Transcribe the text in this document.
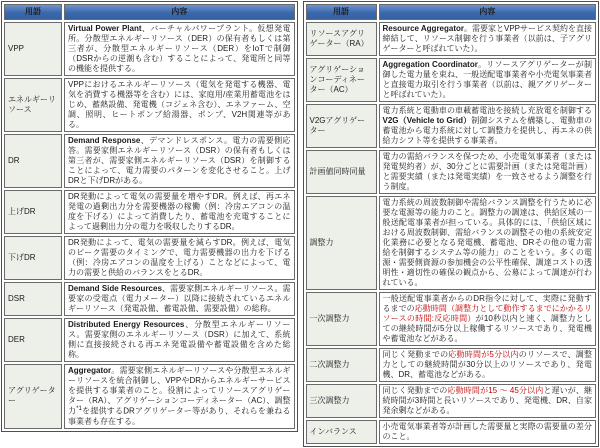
用語	内容
VPP	Virtual Power Plant、バーチャルパワープラント。仮想発電所。分散型エネルギーリソース（DER）の保有者もしくは第三者が、分散型エネルギーリソース（DER）をIoTで制御（DSRからの逆潮も含む）することによって、発電所と同等の機能を提供する。
エネルギーリソース	VPPにおけるエネルギーリソース（電気を発電する機器、電気を消費する機器等を含む）には、家庭用/産業用蓄電池をはじめ、蓄熱設備、発電機（コジェネ含む）、エネファーム、空調、照明、ヒートポンプ給湯器、ポンプ、V2H関連等がある。
DR	Demand Response、デマンドレスポンス。電力の需要側応答。需要家側エネルギーリソース（DSR）の保有者もしくは第三者が、需要家側エネルギーリソース（DSR）を制御することによって、電力需要のパターンを変化させること。上げDRと下げDRがある。
上げDR	DR発動によって電気の需要量を増やすDR。例えば、再エネ発電の過剰出力分を需要機器の稼働（例：冷房エアコンの温度を下げる）によって消費したり、蓄電池を充電することによって過剰出力分の電力を吸収したりするDR。
下げDR	DR発動によって、電気の需要量を減らすDR。例えば、電気のピーク需要のタイミングで、電力需要機器の出力を下げる（例：冷房エアコンの温度を上げる）ことなどによって、電力の需要と供給のバランスをとるDR。
DSR	Demand Side Resources、需要家側エネルギーリソース。需要家の受電点（電力メーター）以降に接続されているエネルギーリソース（発電設備、蓄電設備、需要設備）の総称。
DER	Distributed Energy Resources、分散型エネルギーリソース。需要家側のエネルギーリソース（DSR）に加えて、系統側に直接接続される再エネ発電設備や蓄電設備を含めた総称。
アグリゲーター	Aggregator。需要家側エネルギーリソースや分散型エネルギーリソースを統合制御し、VPPやDRからエネルギーサービスを提供する事業者のこと。役割によってリソースアグリゲーター（RA）、アグリゲーションコーディネーター（AC）、調整力$^{*1}$を提供するDRアグリゲーター等があり、それらを兼ねる事業者も存在する。
用語	内容
リソースアグリゲーター（RA）	Resource Aggregator。需要家とVPPサービス契約を直接締結して、リソース制御を行う事業者（以前は、子アグリゲーターと呼ばれていた）。
アグリゲーションコーディネーター（AC）	Aggregation Coordinator。リソースアグリゲーターが制御した電力量を束ね、一般送配電事業者や小売電気事業者と直接電力取引を行う事業者（以前は、親アグリゲーターと呼ばれていた）。
V2Gアグリゲーター	電力系統と電動車の車載蓄電池を接続し充放電を制御するV2G（Vehicle to Grid）制御システムを構築し、電動車の蓄電池から電力系統に対して調整力を提供し、再エネの供給力シフト等を提供する事業者。
計画値同時同量	電力の需給バランスを保つため、小売電気事業者（または発電契約者）が、30分ごとに需要計画（または発電計画）と需要実績（または発電実績）を一致させるよう調整を行う制度。
調整力	電力系統の周波数制御や需給バランス調整を行うために必要な電源等の能力のこと。調整力の調達は、供給区域の一般送配電事業者が担っている。具体的には、「供給区域における周波数制御、需給バランスの調整その他の系統安定化業務に必要となる発電機、蓄電池、DRその他の電力需給を制御するシステム等の能力」のことをいう。多くの電源・需要側資源の参加機会の公平性確保、調達コストの透明性・適切性の確保の観点から、公募によって調達が行われている。
一次調整力	一般送配電事業者からのDR指令に対して、実際に発動するまでの応動時間（調整力として動作するまでにかかるリソースの時間:反応時間）が10秒以内と速く、調整力としての継続時間が5分以上稼働するリソースであり、発電機や蓄電池などがある。
二次調整力	同じく発動までの応動時間が5分以内のリソースで、調整力としての継続時間が30分以上のリソースであり、発電機、DR、蓄電池などがある。
三次調整力	同じく発動までの応動時間が15 ～ 45分以内と遅いが、継続時間が3時間と長いリソースであり、発電機、DR、自家発余剰などがある。
インバランス	小売電気事業者等が計画した需要量と実際の需要量の差分のこと。
